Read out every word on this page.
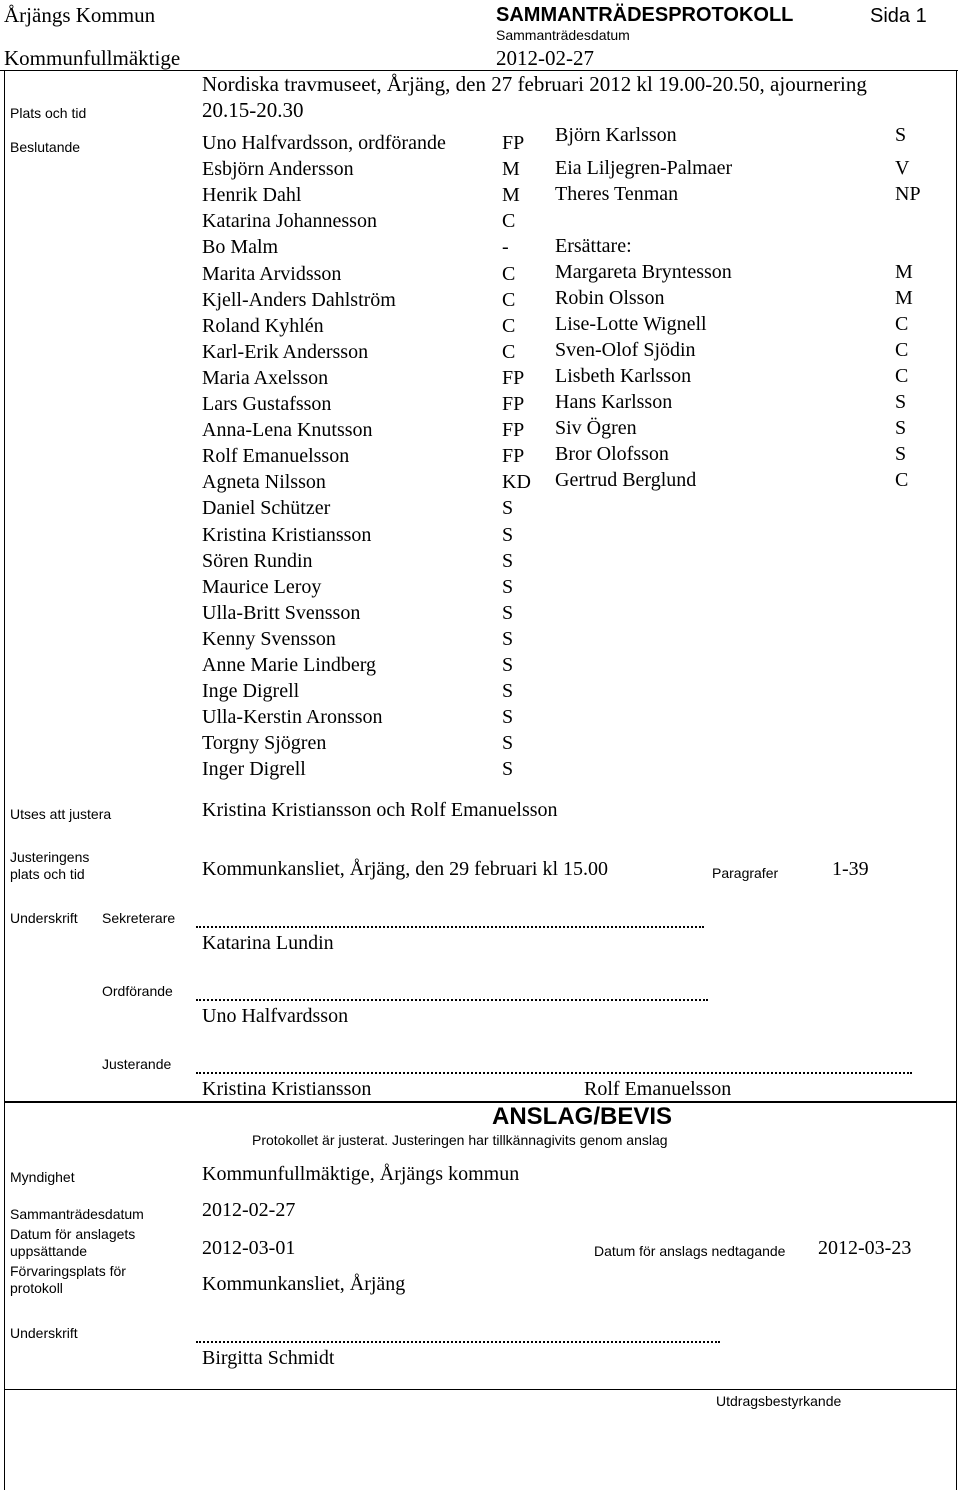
Årjängs Kommun	SAMMANTRÄDESPROTOKOLL	Sida 1
Sammanträdesdatum
Kommunfullmäktige	2012-02-27
Nordiska travmuseet, Årjäng, den 27 februari 2012 kl 19.00-20.50, ajournering
Plats och tid	20.15-20.30
Beslutande	Uno Halfvardsson, ordförande	FP
Esbjörn Andersson	M
Henrik Dahl	M
Katarina Johannesson	C
Bo Malm	-
Marita Arvidsson	C
Kjell-Anders Dahlström	C
Roland Kyhlén	C
Karl-Erik Andersson	C
Maria Axelsson	FP
Lars Gustafsson	FP
Anna-Lena Knutsson	FP
Rolf Emanuelsson	FP
Agneta Nilsson	KD
Daniel Schützer	S
Kristina Kristiansson	S
Sören Rundin	S
Maurice Leroy	S
Ulla-Britt Svensson	S
Kenny Svensson	S
Anne Marie Lindberg	S
Inge Digrell	S
Ulla-Kerstin Aronsson	S
Torgny Sjögren	S
Inger Digrell	S
Björn Karlsson	S
Eia Liljegren-Palmaer	V
Theres Tenman	NP
Ersättare:
Margareta Bryntesson	M
Robin Olsson	M
Lise-Lotte Wignell	C
Sven-Olof Sjödin	C
Lisbeth Karlsson	C
Hans Karlsson	S
Siv Ögren	S
Bror Olofsson	S
Gertrud Berglund	C
Utses att justera	Kristina Kristiansson och Rolf Emanuelsson
Justeringens
plats och tid	Kommunkansliet, Årjäng, den 29 februari kl 15.00	Paragrafer	1-39
Underskrift Sekreterare
Katarina Lundin
Ordförande
Uno Halfvardsson
Justerande
Kristina Kristiansson	Rolf Emanuelsson
ANSLAG/BEVIS
Protokollet är justerat. Justeringen har tillkännagivits genom anslag
Myndighet	Kommunfullmäktige, Årjängs kommun
Sammanträdesdatum	2012-02-27
Datum för anslagets
uppsättande	2012-03-01	Datum för anslags nedtagande 2012-03-23
Förvaringsplats för
protokoll	Kommunkansliet, Årjäng
Underskrift
Birgitta Schmidt
Utdragsbestyrkande
